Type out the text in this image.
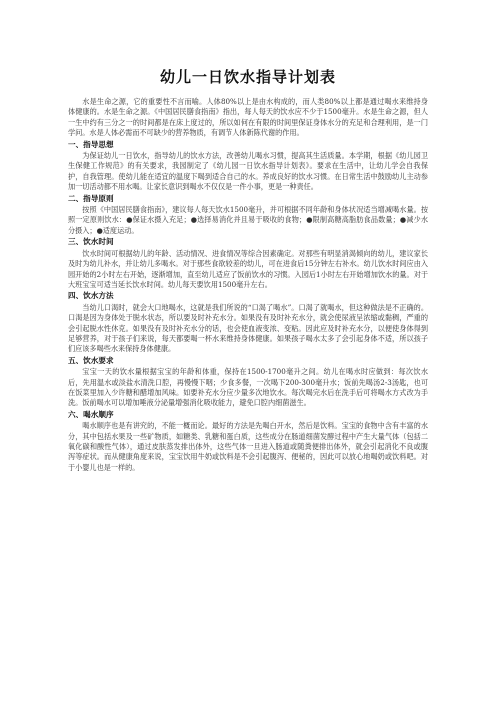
幼儿一日饮水指导计划表

水是生命之源，它的重要性不言而喻。人体80%以上是由水构成的，而人类80%以上都是通过喝水来维持身体健康的。水是生命之源。《中国居民膳食指南》指出，每人每天的饮水应不少于1500毫升。水是生命之源，但人一生中约有三分之一的时间都是在床上度过的，所以如何在有限的时间里保证身体水分的充足和合理利用，是一门学问。水是人体必需而不可缺少的营养物质，有调节人体新陈代谢的作用。

一、指导思想

为保证幼儿一日饮水，指导幼儿的饮水方法，改善幼儿喝水习惯，提高其生活质量。本学期，根据《幼儿园卫生保健工作规范》的有关要求，我园制定了《幼儿园一日饮水指导计划表》。要求在生活中，让幼儿学会自我保护，自我管理。使幼儿能在适宜的温度下喝到适合自己的水。养成良好的饮水习惯。在日常生活中鼓励幼儿主动参加一切活动都不用水喝。让家长意识到喝水不仅仅是一件小事，更是一种责任。

二、指导原则

按照《中国居民膳食指南》，建议每人每天饮水1500毫升，并可根据不同年龄和身体状况适当增减喝水量。按照一定原则饮水：●保证水摄入充足；●选择易消化并且易于吸收的食物；●限制高糖高脂肪食品数量；●减少水分摄入；●适度运动。

三、饮水时间

饮水时间可根据幼儿的年龄、活动情况、进食情况等综合因素确定。对那些有明显消渴倾向的幼儿，建议家长及时为幼儿补水，并让幼儿多喝水。对于那些食欲较差的幼儿，可在进食后15分钟左右补水。幼儿饮水时间应由入园开始的2小时左右开始，逐渐增加，直至幼儿适应了饭前饮水的习惯。入园后1小时左右开始增加饮水的量。对于大班宝宝可适当延长饮水时间。幼儿每天要饮用1500毫升左右。

四、饮水方法

当幼儿口渴时，就会大口地喝水，这就是我们所说的“口渴了喝水”。口渴了就喝水，但这种做法是不正确的。口渴是因为身体处于脱水状态，所以要及时补充水分。如果没有及时补充水分，就会使尿液呈浓缩或黏稠，严重的会引起脱水性休克。如果没有及时补充水分的话，也会使血液变浓、变粘。因此应及时补充水分，以便使身体得到足够营养，对于孩子们来说，每天都要喝一杯水来维持身体健康。如果孩子喝水太多了会引起身体不适，所以孩子们应该多喝些水来保持身体健康。

五、饮水要求

宝宝一天的饮水量根据宝宝的年龄和体重，保持在1500-1700毫升之间。幼儿在喝水时应做到：每次饮水后，先用温水或淡盐水清洗口腔，再慢慢下咽；少食多餐，一次喝下200-300毫升水；饭前先喝汤2-3汤匙，也可在饭菜里加入少许糖和醋增加风味。如要补充水分应少量多次地饮水。每次喝完水后在洗手后可将喝水方式改为手洗。饭前喝水可以增加唾液分泌量增强消化吸收能力，避免口腔内细菌滋生。

六、喝水顺序

喝水顺序也是有讲究的，不能一概而论。最好的方法是先喝白开水，然后是饮料。宝宝的食物中含有丰富的水分，其中包括水果及一些矿物质，如糖类、乳糖和蛋白质，这些成分在肠道细菌发酵过程中产生大量气体（包括二氧化碳和酸性气体），通过皮肤蒸发排出体外，这些气体一旦进入肠道或随粪便排出体外，就会引起消化不良或腹泻等症状。而从健康角度来说，宝宝饮用牛奶或饮料是不会引起腹泻、便秘的，因此可以放心地喝奶或饮料吧。对于小婴儿也是一样的。
